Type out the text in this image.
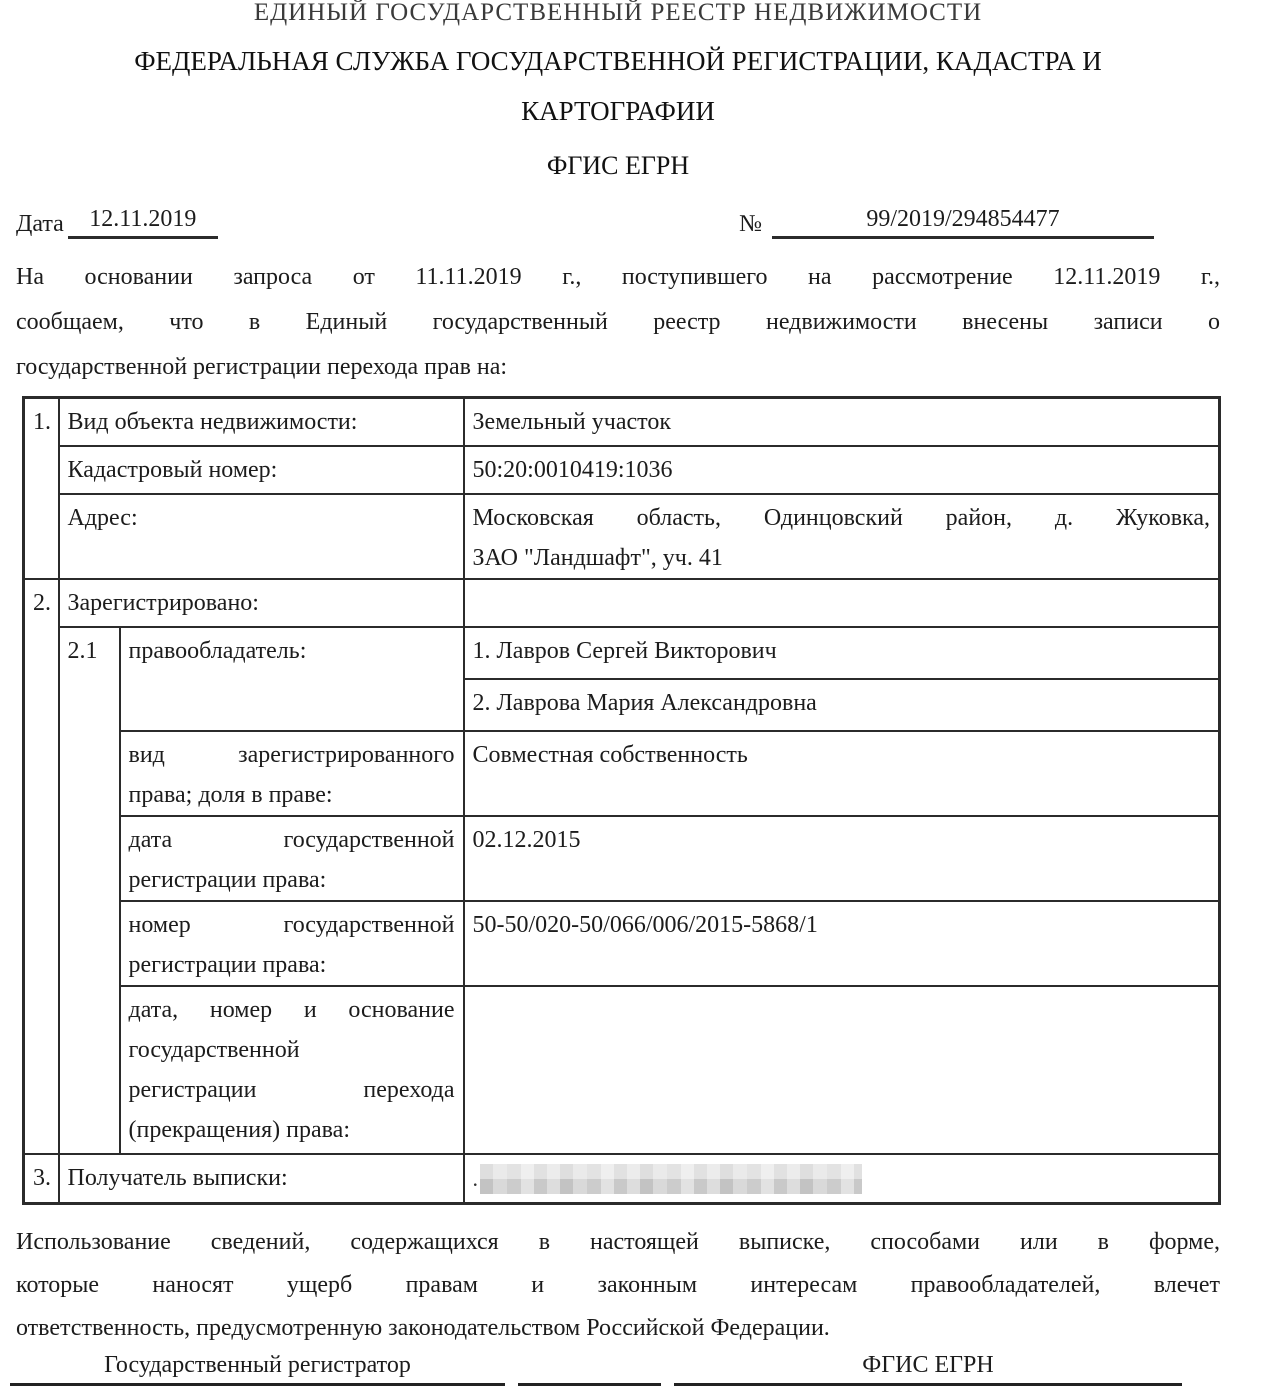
ЕДИНЫЙ ГОСУДАРСТВЕННЫЙ РЕЕСТР НЕДВИЖИМОСТИ
ФЕДЕРАЛЬНАЯ СЛУЖБА ГОСУДАРСТВЕННОЙ РЕГИСТРАЦИИ, КАДАСТРА И
КАРТОГРАФИИ
ФГИС ЕГРН
Дата	12.11.2019	№	99/2019/294854477
На основании запроса от 11.11.2019 г., поступившего на рассмотрение 12.11.2019 г.,
сообщаем, что в Единый государственный реестр недвижимости внесены записи о
государственной регистрации перехода прав на:
1.	Вид объекта недвижимости:		Земельный участок
	Кадастровый номер:		50:20:0010419:1036
	Адрес:		Московская область, Одинцовский район, д. Жуковка,
ЗАО "Ландшафт", уч. 41

2.	Зарегистрировано:		
	2.1	правообладатель:	1. Лавров Сергей Викторович
			2. Лаврова Мария Александровна

		вид зарегистрированного
права; доля в праве:	Совместная собственность

		дата государственной
регистрации права:	02.12.2015

		номер государственной
регистрации права:	50-50/020-50/066/006/2015-5868/1

		дата, номер и основание
государственной
регистрации перехода
(прекращения) права:	

3.	Получатель выписки:		.
Использование сведений, содержащихся в настоящей выписке, способами или в форме,
которые наносят ущерб правам и законным интересам правообладателей, влечет
ответственность, предусмотренную законодательством Российской Федерации.
Государственный регистратор	ФГИС ЕГРН
